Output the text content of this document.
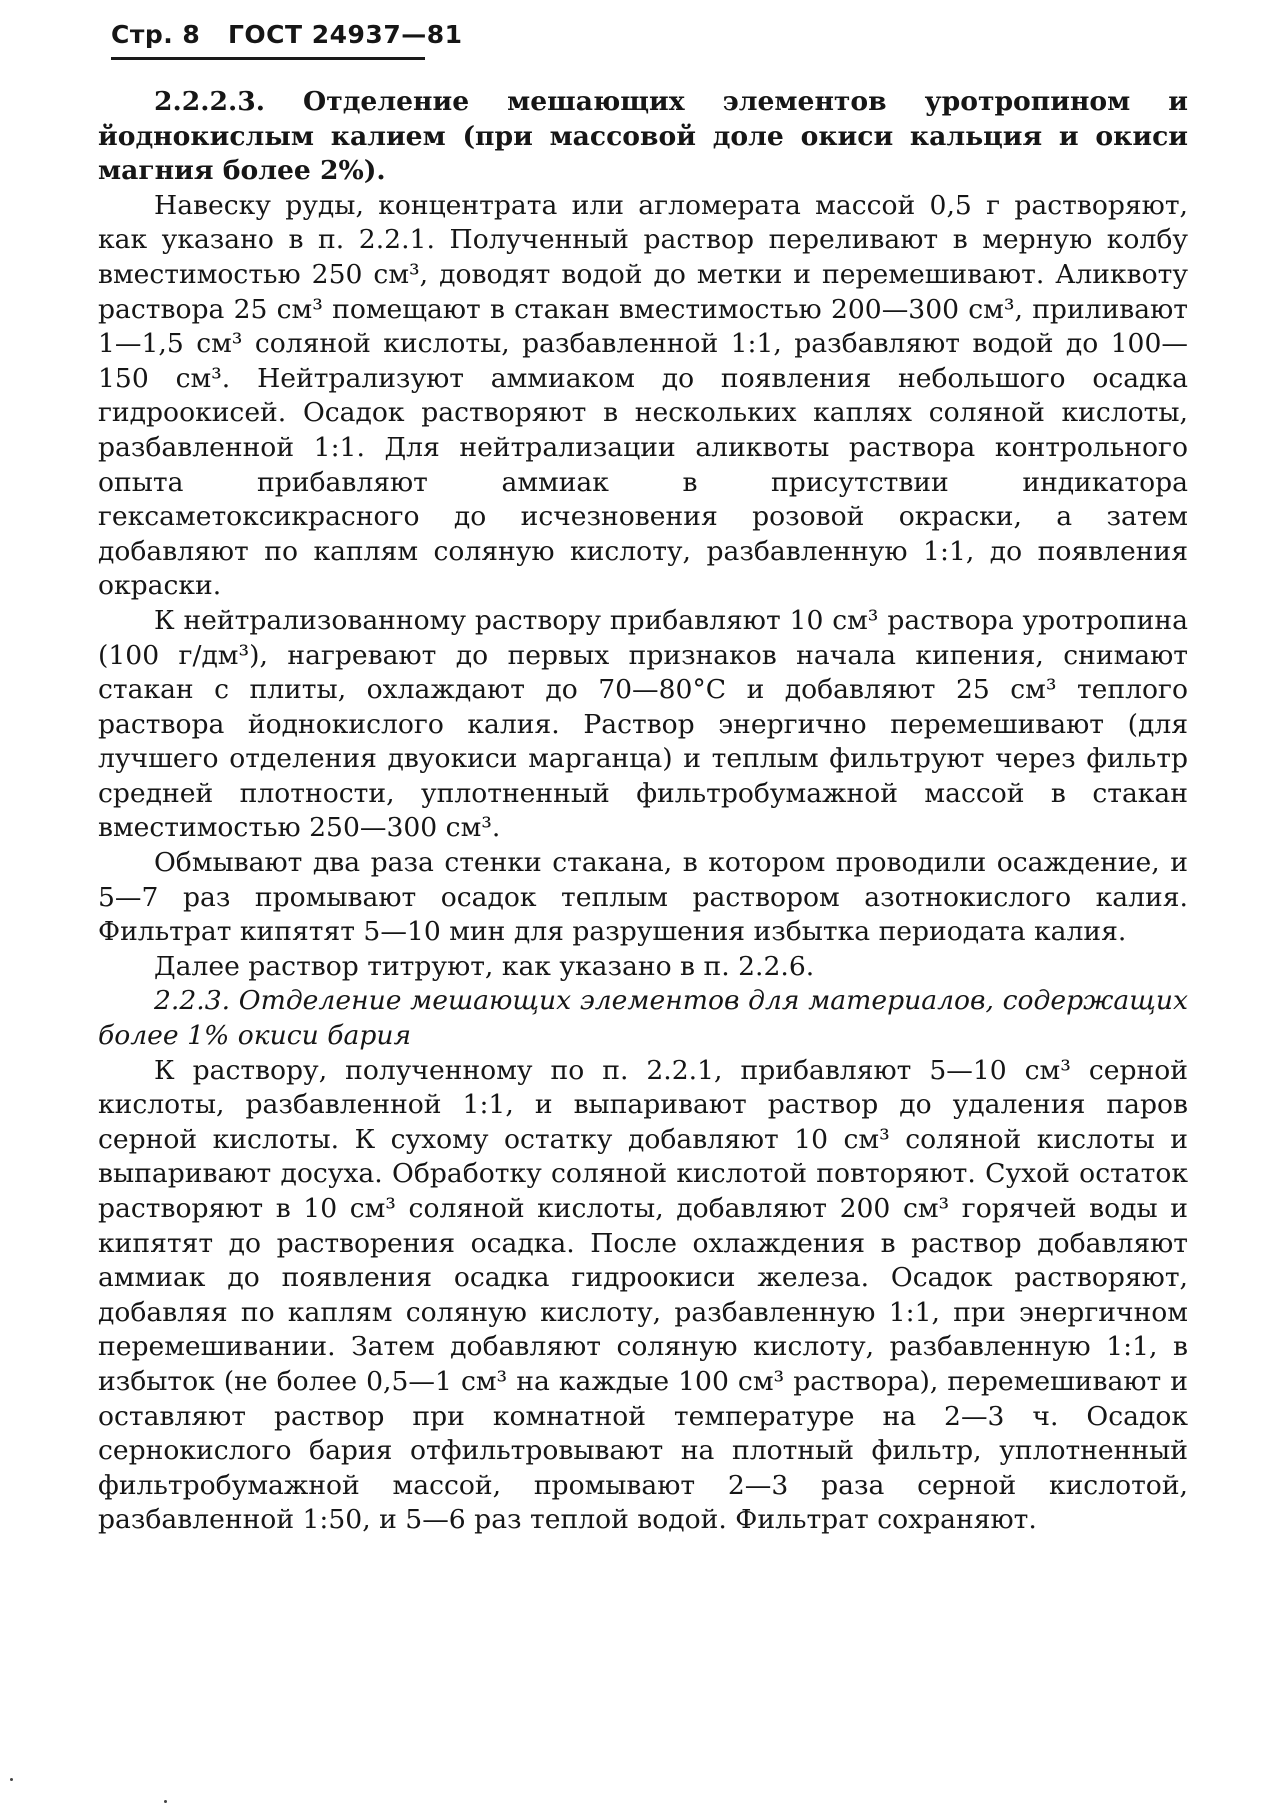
Стр. 8 ГОСТ 24937—81

2.2.2.3. Отделение мешающих элементов уротропином и йоднокислым калием (при массовой доле окиси кальция и окиси магния более 2%).

Навеску руды, концентрата или агломерата массой 0,5 г растворяют, как указано в п. 2.2.1. Полученный раствор переливают в мерную колбу вместимостью 250 см³, доводят водой до метки и перемешивают. Аликвоту раствора 25 см³ помещают в стакан вместимостью 200—300 см³, приливают 1—1,5 см³ соляной кислоты, разбавленной 1:1, разбавляют водой до 100—150 см³. Нейтрализуют аммиаком до появления небольшого осадка гидроокисей. Осадок растворяют в нескольких каплях соляной кислоты, разбавленной 1:1. Для нейтрализации аликвоты раствора контрольного опыта прибавляют аммиак в присутствии индикатора гексаметоксикрасного до исчезновения розовой окраски, а затем добавляют по каплям соляную кислоту, разбавленную 1:1, до появления окраски.

К нейтрализованному раствору прибавляют 10 см³ раствора уротропина (100 г/дм³), нагревают до первых признаков начала кипения, снимают стакан с плиты, охлаждают до 70—80°С и добавляют 25 см³ теплого раствора йоднокислого калия. Раствор энергично перемешивают (для лучшего отделения двуокиси марганца) и теплым фильтруют через фильтр средней плотности, уплотненный фильтробумажной массой в стакан вместимостью 250—300 см³.

Обмывают два раза стенки стакана, в котором проводили осаждение, и 5—7 раз промывают осадок теплым раствором азотнокислого калия. Фильтрат кипятят 5—10 мин для разрушения избытка периодата калия.

Далее раствор титруют, как указано в п. 2.2.6.

2.2.3. Отделение мешающих элементов для материалов, содержащих более 1% окиси бария

К раствору, полученному по п. 2.2.1, прибавляют 5—10 см³ серной кислоты, разбавленной 1:1, и выпаривают раствор до удаления паров серной кислоты. К сухому остатку добавляют 10 см³ соляной кислоты и выпаривают досуха. Обработку соляной кислотой повторяют. Сухой остаток растворяют в 10 см³ соляной кислоты, добавляют 200 см³ горячей воды и кипятят до растворения осадка. После охлаждения в раствор добавляют аммиак до появления осадка гидроокиси железа. Осадок растворяют, добавляя по каплям соляную кислоту, разбавленную 1:1, при энергичном перемешивании. Затем добавляют соляную кислоту, разбавленную 1:1, в избыток (не более 0,5—1 см³ на каждые 100 см³ раствора), перемешивают и оставляют раствор при комнатной температуре на 2—3 ч. Осадок сернокислого бария отфильтровывают на плотный фильтр, уплотненный фильтробумажной массой, промывают 2—3 раза серной кислотой, разбавленной 1:50, и 5—6 раз теплой водой. Фильтрат сохраняют.
